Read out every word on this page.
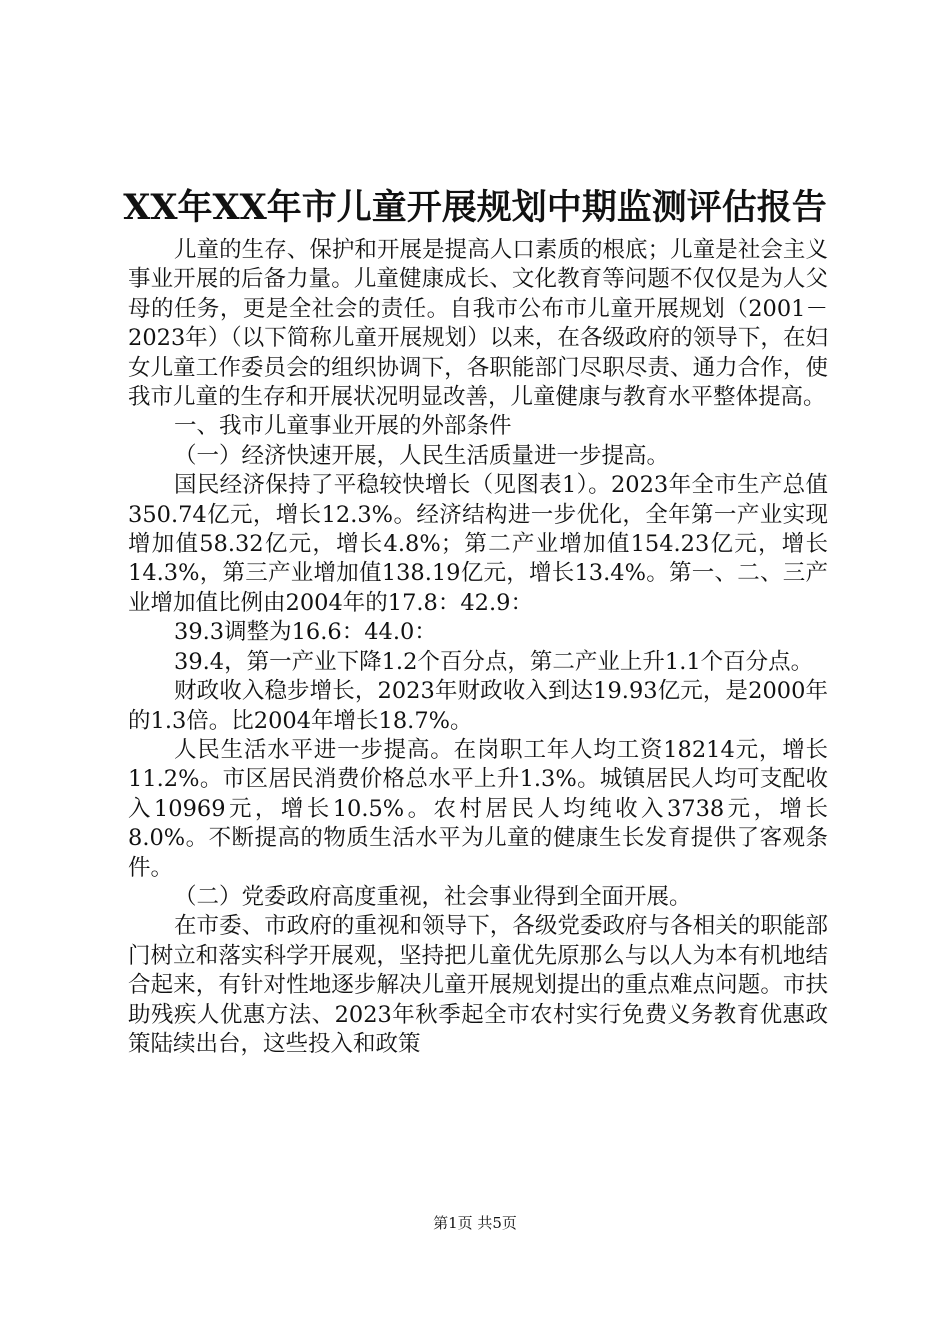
XX年XX年市儿童开展规划中期监测评估报告

儿童的生存、保护和开展是提高人口素质的根底；儿童是社会主义事业开展的后备力量。儿童健康成长、文化教育等问题不仅仅是为人父母的任务，更是全社会的责任。自我市公布市儿童开展规划（2001－2023年）（以下简称儿童开展规划）以来，在各级政府的领导下，在妇女儿童工作委员会的组织协调下，各职能部门尽职尽责、通力合作，使我市儿童的生存和开展状况明显改善，儿童健康与教育水平整体提高。

一、我市儿童事业开展的外部条件

（一）经济快速开展，人民生活质量进一步提高。

国民经济保持了平稳较快增长（见图表1）。2023年全市生产总值350.74亿元，增长12.3%。经济结构进一步优化，全年第一产业实现增加值58.32亿元，增长4.8%；第二产业增加值154.23亿元，增长14.3%，第三产业增加值138.19亿元，增长13.4%。第一、二、三产业增加值比例由2004年的17.8：42.9：

39.3调整为16.6：44.0：

39.4，第一产业下降1.2个百分点，第二产业上升1.1个百分点。

财政收入稳步增长，2023年财政收入到达19.93亿元，是2000年的1.3倍。比2004年增长18.7%。

人民生活水平进一步提高。在岗职工年人均工资18214元，增长11.2%。市区居民消费价格总水平上升1.3%。城镇居民人均可支配收入10969元，增长10.5%。农村居民人均纯收入3738元，增长8.0%。不断提高的物质生活水平为儿童的健康生长发育提供了客观条件。

（二）党委政府高度重视，社会事业得到全面开展。

在市委、市政府的重视和领导下，各级党委政府与各相关的职能部门树立和落实科学开展观，坚持把儿童优先原那么与以人为本有机地结合起来，有针对性地逐步解决儿童开展规划提出的重点难点问题。市扶助残疾人优惠方法、2023年秋季起全市农村实行免费义务教育优惠政策陆续出台，这些投入和政策

第1页 共5页
